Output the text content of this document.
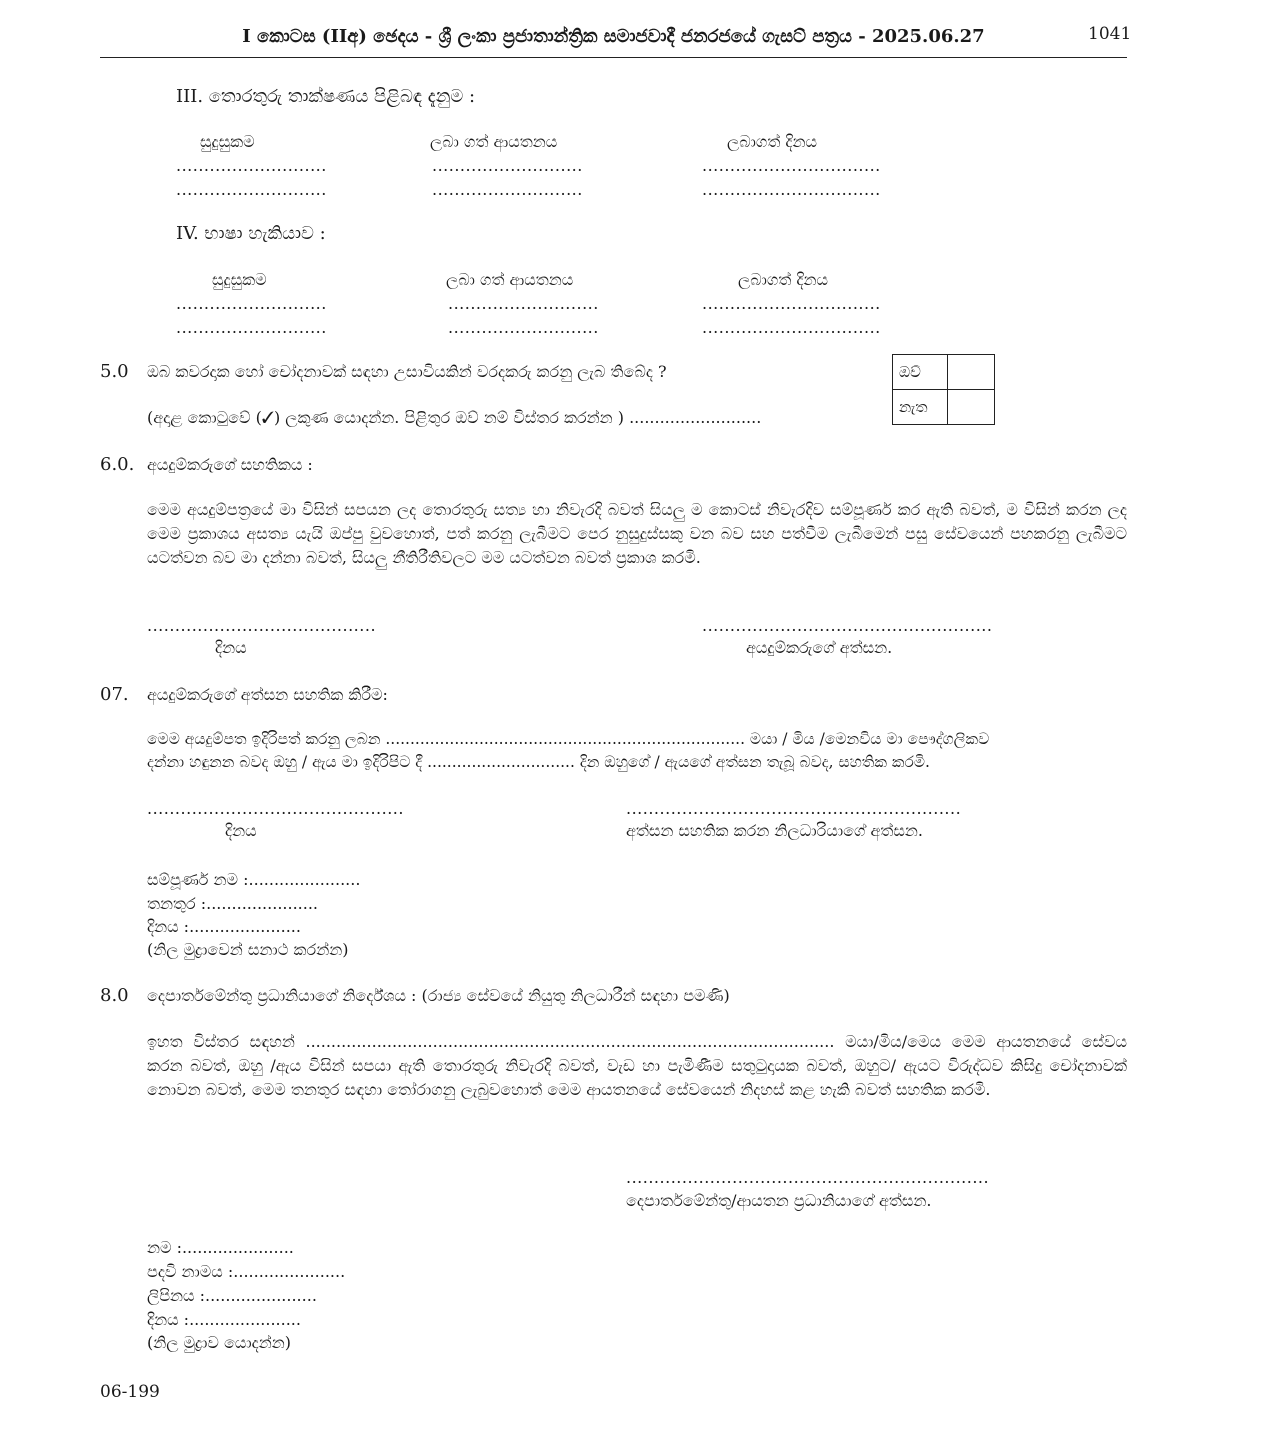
I කොටස (IIඅ) ඡෙදය - ශ්‍රී ලංකා ප්‍රජාතාන්ත්‍රික සමාජවාදී ජනරජයේ ගැසට් පත්‍රය - 2025.06.27	1041
III. තොරතුරු තාක්ෂණය පිළිබඳ දැනුම :
සුදුසුකම	ලබා ගත් ආයතනය	ලබාගත් දිනය
...........................	...........................	................................
...........................	...........................	................................
IV. භාෂා හැකියාව :
සුදුසුකම	ලබා ගත් ආයතනය	ලබාගත් දිනය
...........................	...........................	................................
...........................	...........................	................................
5.0 ඔබ කවරදාක හෝ චෝදනාවක් සඳහා උසාවියකින් වරදකරු කරනු ලැබ තිබේද ?
(අදාළ කොටුවේ (✓) ලකුණ යොදන්න. පිළිතුර ඔව් නම් විස්තර කරන්න ) ..........................
ඔව්	
නැත	
6.0. අයදුම්කරුගේ සහතිකය :
මෙම අයදුම්පත්‍රයේ මා විසින් සපයන ලද තොරතුරු සත්‍ය හා නිවැරදි බවත් සියලු ම කොටස් නිවැරදිව සම්පූර්ණ කර ඇති බවත්, ම විසින් කරන ලද මෙම ප්‍රකාශය අසත්‍ය යැයි ඔප්පු වුවහොත්, පත් කරනු ලැබීමට පෙර නුසුදුස්සකු වන බව සහ පත්වීම ලැබීමෙන් පසු සේවයෙන් පහකරනු ලැබීමට යටත්වන බව මා දන්නා බවත්, සියලු නීතිරීතිවලට මම යටත්වන බවත් ප්‍රකාශ කරමි.
.........................................
දිනය
....................................................
අයදුම්කරුගේ අත්සන.
07. අයදුම්කරුගේ අත්සන සහතික කිරීම:
මෙම අයදුම්පත ඉදිරිපත් කරනු ලබන ......................................................................... මයා / මිය /මෙනවිය මා පෞද්ගලිකව
දන්නා හඳුනන බවද ඔහු / ඇය මා ඉදිරිපිට දී .............................. දින ඔහුගේ / ඇයගේ අත්සන තැබූ බවද, සහතික කරමි.
..............................................
දිනය
............................................................
අත්සන සහතික කරන නිලධාරියාගේ අත්සන.
සම්පූර්ණ නම :......................
තනතුර :......................
දිනය :......................
(නිල මුද්‍රාවෙන් සනාථ කරන්න)
8.0 දෙපාර්තමේන්තු ප්‍රධානියාගේ නිර්දේශය : (රාජ්‍ය සේවයේ නියුතු නිලධාරීන් සඳහා පමණි)
ඉහත විස්තර සඳහන් ........................................................................................................ මයා/මිය/මෙය මෙම ආයතනයේ සේවය කරන බවත්, ඔහු /ඇය විසින් සපයා ඇති තොරතුරු නිවැරදි බවත්, වැඩ හා පැමිණීම සතුටුදායක බවත්, ඔහුට/ ඇයට විරුද්ධව කිසිදු චෝදනාවක් නොවන බවත්, මෙම තනතුර සඳහා තෝරාගනු ලැබුවහොත් මෙම ආයතනයේ සේවයෙන් නිදහස් කළ හැකි බවත් සහතික කරමි.
.................................................................
දෙපාර්තමේන්තු/ආයතන ප්‍රධානියාගේ අත්සන.
නම :......................
පදවි නාමය :......................
ලිපිනය :......................
දිනය :......................
(නිල මුද්‍රාව යොදන්න)
06-199
